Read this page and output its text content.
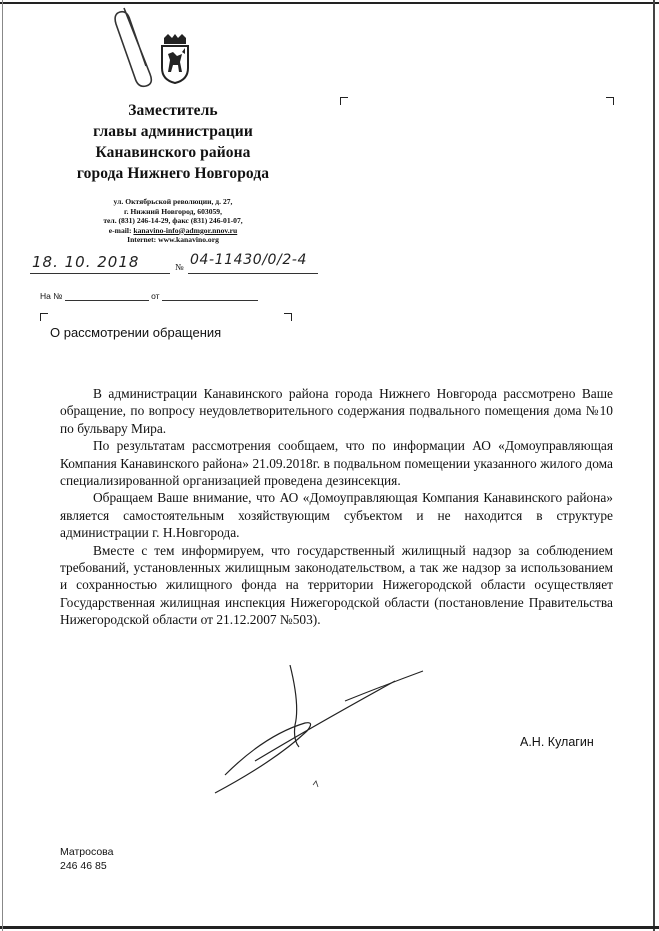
Заместитель
главы администрации
Канавинского района
города Нижнего Новгорода
ул. Октябрьской революции, д. 27,
г. Нижний Новгород, 603059,
тел. (831) 246-14-29, факс (831) 246-01-07,
e-mail: kanavino-info@admgor.nnov.ru
Internet: www.kanavino.org
18. 10. 2018	№ 04-11430/0/2-4
На №	от
О рассмотрении обращения

В администрации Канавинского района города Нижнего Новгорода рассмотрено Ваше обращение, по вопросу неудовлетворительного содержания подвального помещения дома №10 по бульвару Мира.

По результатам рассмотрения сообщаем, что по информации АО «Домоуправляющая Компания Канавинского района» 21.09.2018г. в подвальном помещении указанного жилого дома специализированной организацией проведена дезинсекция.

Обращаем Ваше внимание, что АО «Домоуправляющая Компания Канавинского района» является самостоятельным хозяйствующим субъектом и не находится в структуре администрации г. Н.Новгорода.

Вместе с тем информируем, что государственный жилищный надзор за соблюдением требований, установленных жилищным законодательством, а так же надзор за использованием и сохранностью жилищного фонда на территории Нижегородской области осуществляет Государственная жилищная инспекция Нижегородской области (постановление Правительства Нижегородской области от 21.12.2007 №503).

А.Н. Кулагин
Матросова
246 46 85
